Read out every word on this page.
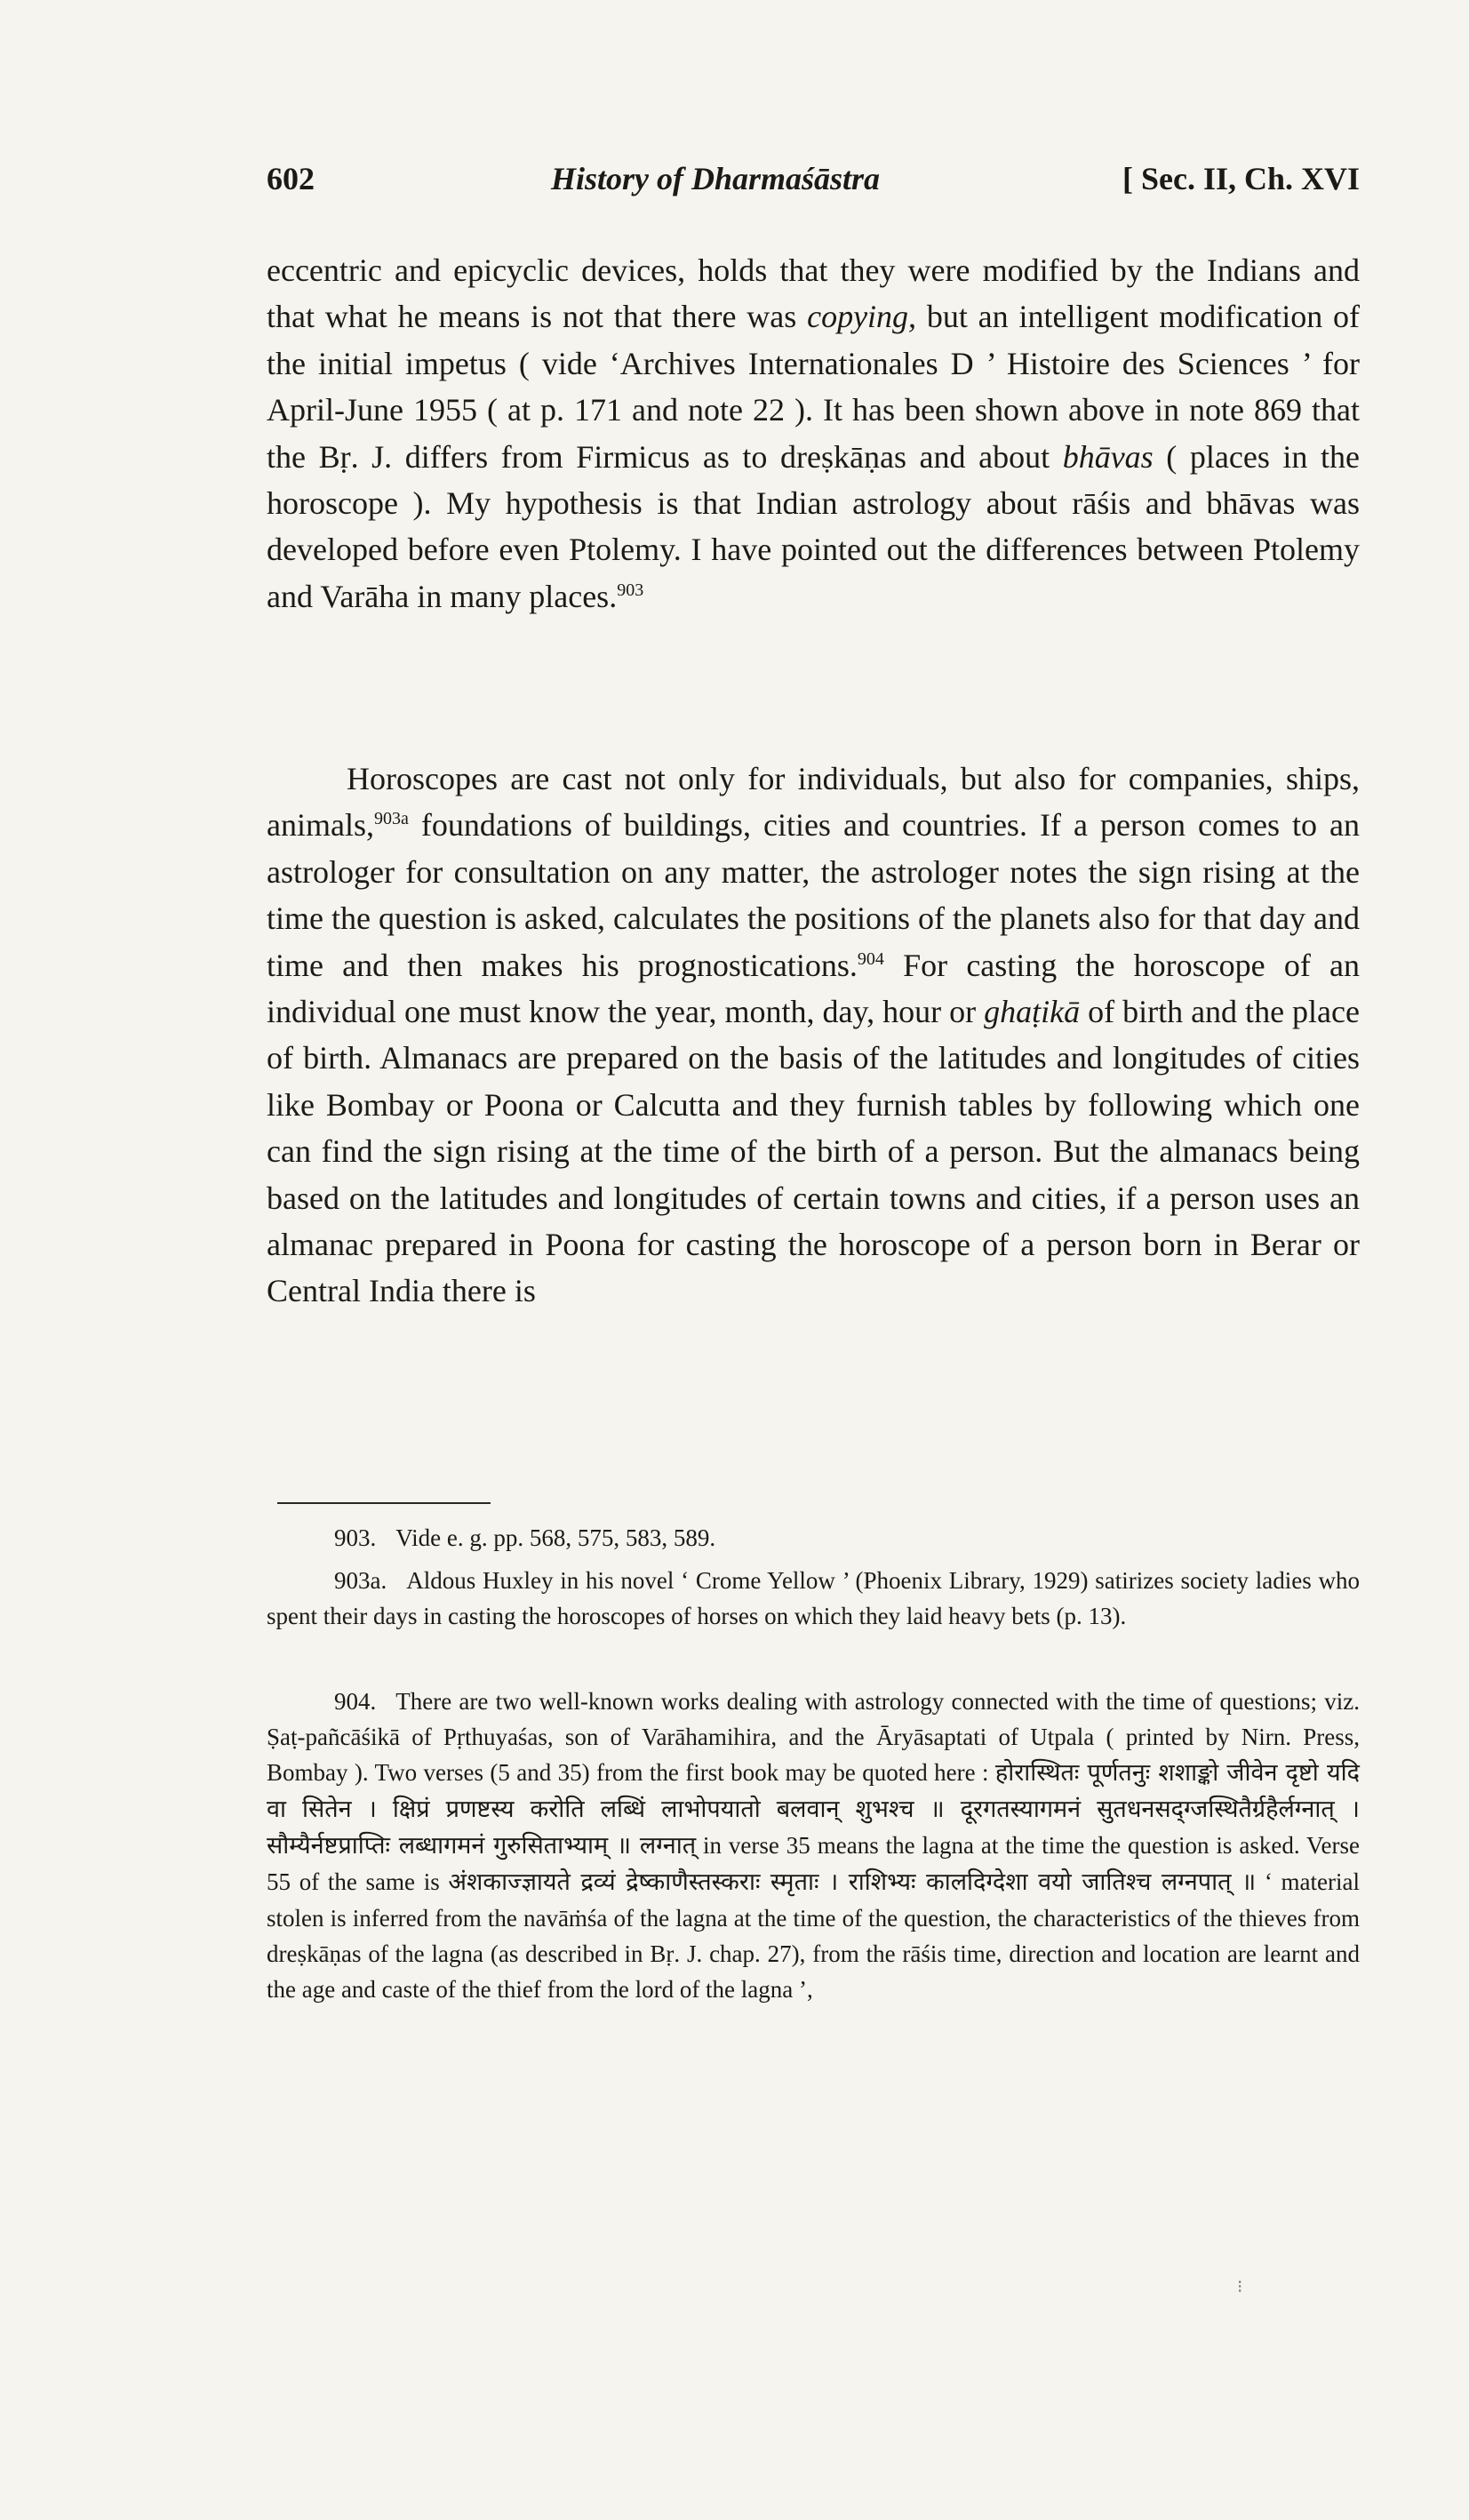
602	History of Dharmaśāstra	[ Sec. II, Ch. XVI

eccentric and epicyclic devices, holds that they were modified by the Indians and that what he means is not that there was copying, but an intelligent modification of the initial impetus ( vide ‘Archives Internationales D ’ Histoire des Sciences ’ for April-June 1955 ( at p. 171 and note 22 ). It has been shown above in note 869 that the Bṛ. J. differs from Firmicus as to dreṣkāṇas and about bhāvas ( places in the horoscope ). My hypothesis is that Indian astrology about rāśis and bhāvas was developed before even Ptolemy. I have pointed out the differences between Ptolemy and Varāha in many places.$^{903}$

Horoscopes are cast not only for individuals, but also for companies, ships, animals,$^{903a}$ foundations of buildings, cities and countries. If a person comes to an astrologer for consultation on any matter, the astrologer notes the sign rising at the time the question is asked, calculates the positions of the planets also for that day and time and then makes his prognostications.$^{904}$ For casting the horoscope of an individual one must know the year, month, day, hour or ghaṭikā of birth and the place of birth. Almanacs are prepared on the basis of the latitudes and longitudes of cities like Bombay or Poona or Calcutta and they furnish tables by following which one can find the sign rising at the time of the birth of a person. But the almanacs being based on the latitudes and longitudes of certain towns and cities, if a person uses an almanac prepared in Poona for casting the horoscope of a person born in Berar or Central India there is

903. Vide e. g. pp. 568, 575, 583, 589.

903a. Aldous Huxley in his novel ‘ Crome Yellow ’ (Phoenix Library, 1929) satirizes society ladies who spent their days in casting the horoscopes of horses on which they laid heavy bets (p. 13).

904. There are two well-known works dealing with astrology connected with the time of questions; viz. Ṣaṭ-pañcāśikā of Pṛthuyaśas, son of Varāhamihira, and the Āryāsaptati of Utpala ( printed by Nirn. Press, Bombay ). Two verses (5 and 35) from the first book may be quoted here : होरास्थितः पूर्णतनुः शशाङ्को जीवेन दृष्टो यदि वा सितेन । क्षिप्रं प्रणष्टस्य करोति लब्धिं लाभोपयातो बलवान् शुभश्च ॥ दूरगतस्यागमनं सुतधनसद्ग्जस्थितैर्ग्रहैर्लग्नात् । सौम्यैर्नष्टप्राप्तिः लब्धागमनं गुरुसिताभ्याम् ॥ लग्नात् in verse 35 means the lagna at the time the question is asked. Verse 55 of the same is अंशकाज्ज्ञायते द्रव्यं द्रेष्काणैस्तस्कराः स्मृताः । राशिभ्यः कालदिग्देशा वयो जातिश्च लग्नपात् ॥ ‘ material stolen is inferred from the navāṁśa of the lagna at the time of the question, the characteristics of the thieves from dreṣkāṇas of the lagna (as described in Bṛ. J. chap. 27), from the rāśis time, direction and location are learnt and the age and caste of the thief from the lord of the lagna ’,

⁝
